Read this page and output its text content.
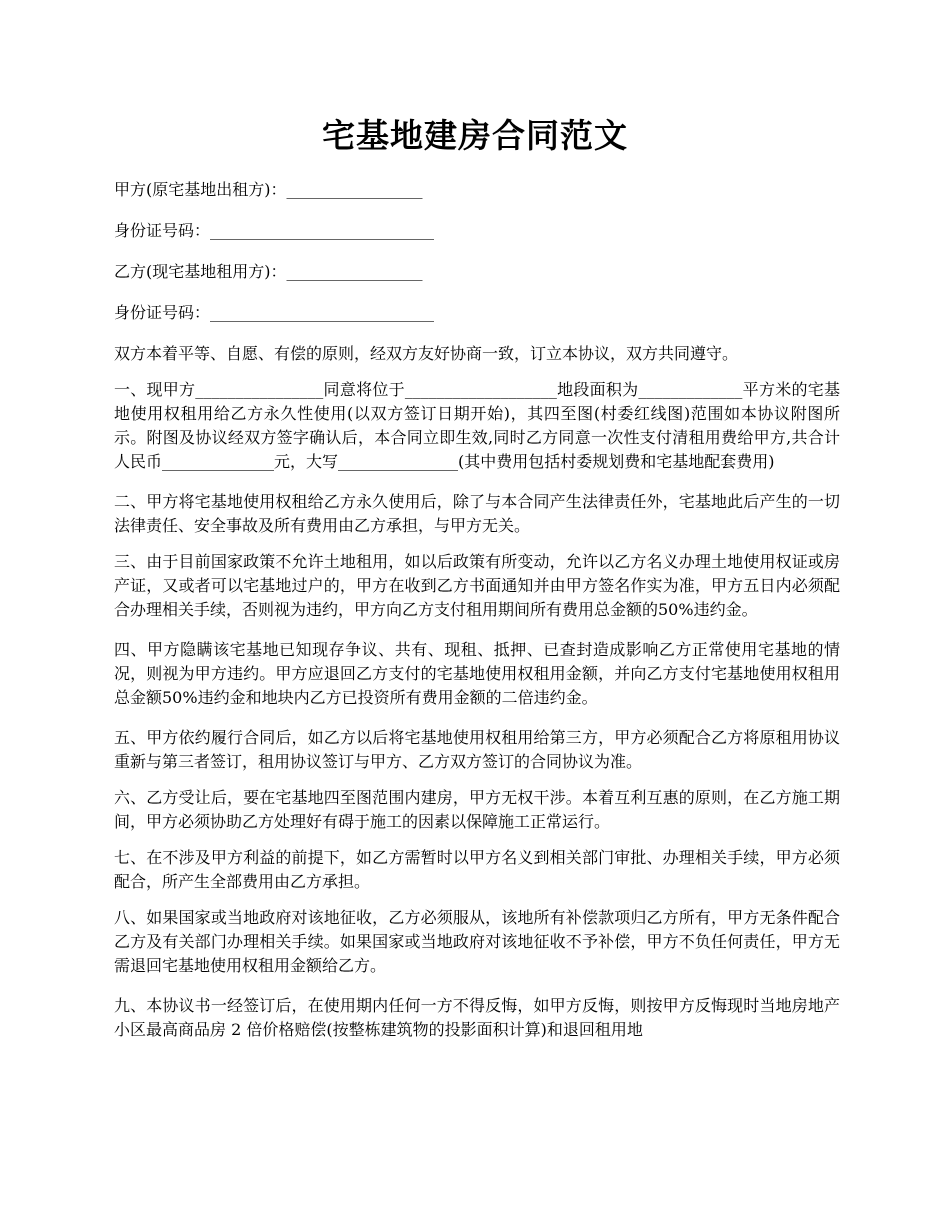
宅基地建房合同范文
甲方(原宅基地出租方)：_________________
身份证号码：____________________________
乙方(现宅基地租用方)：_________________
身份证号码：____________________________

双方本着平等、自愿、有偿的原则，经双方友好协商一致，订立本协议，双方共同遵守。

一、现甲方________________同意将位于___________________地段面积为_____________平方米的宅基地使用权租用给乙方永久性使用(以双方签订日期开始)，其四至图(村委红线图)范围如本协议附图所示。附图及协议经双方签字确认后，本合同立即生效,同时乙方同意一次性支付清租用费给甲方,共合计人民币______________元，大写_______________(其中费用包括村委规划费和宅基地配套费用)

二、甲方将宅基地使用权租给乙方永久使用后，除了与本合同产生法律责任外，宅基地此后产生的一切法律责任、安全事故及所有费用由乙方承担，与甲方无关。

三、由于目前国家政策不允许土地租用，如以后政策有所变动，允许以乙方名义办理土地使用权证或房产证，又或者可以宅基地过户的，甲方在收到乙方书面通知并由甲方签名作实为准，甲方五日内必须配合办理相关手续，否则视为违约，甲方向乙方支付租用期间所有费用总金额的50%违约金。

四、甲方隐瞒该宅基地已知现存争议、共有、现租、抵押、已查封造成影响乙方正常使用宅基地的情况，则视为甲方违约。甲方应退回乙方支付的宅基地使用权租用金额，并向乙方支付宅基地使用权租用总金额50%违约金和地块内乙方已投资所有费用金额的二倍违约金。

五、甲方依约履行合同后，如乙方以后将宅基地使用权租用给第三方，甲方必须配合乙方将原租用协议重新与第三者签订，租用协议签订与甲方、乙方双方签订的合同协议为准。

六、乙方受让后，要在宅基地四至图范围内建房，甲方无权干涉。本着互利互惠的原则，在乙方施工期间，甲方必须协助乙方处理好有碍于施工的因素以保障施工正常运行。

七、在不涉及甲方利益的前提下，如乙方需暂时以甲方名义到相关部门审批、办理相关手续，甲方必须配合，所产生全部费用由乙方承担。

八、如果国家或当地政府对该地征收，乙方必须服从，该地所有补偿款项归乙方所有，甲方无条件配合乙方及有关部门办理相关手续。如果国家或当地政府对该地征收不予补偿，甲方不负任何责任，甲方无需退回宅基地使用权租用金额给乙方。

九、本协议书一经签订后，在使用期内任何一方不得反悔，如甲方反悔，则按甲方反悔现时当地房地产小区最高商品房 2 倍价格赔偿(按整栋建筑物的投影面积计算)和退回租用地
